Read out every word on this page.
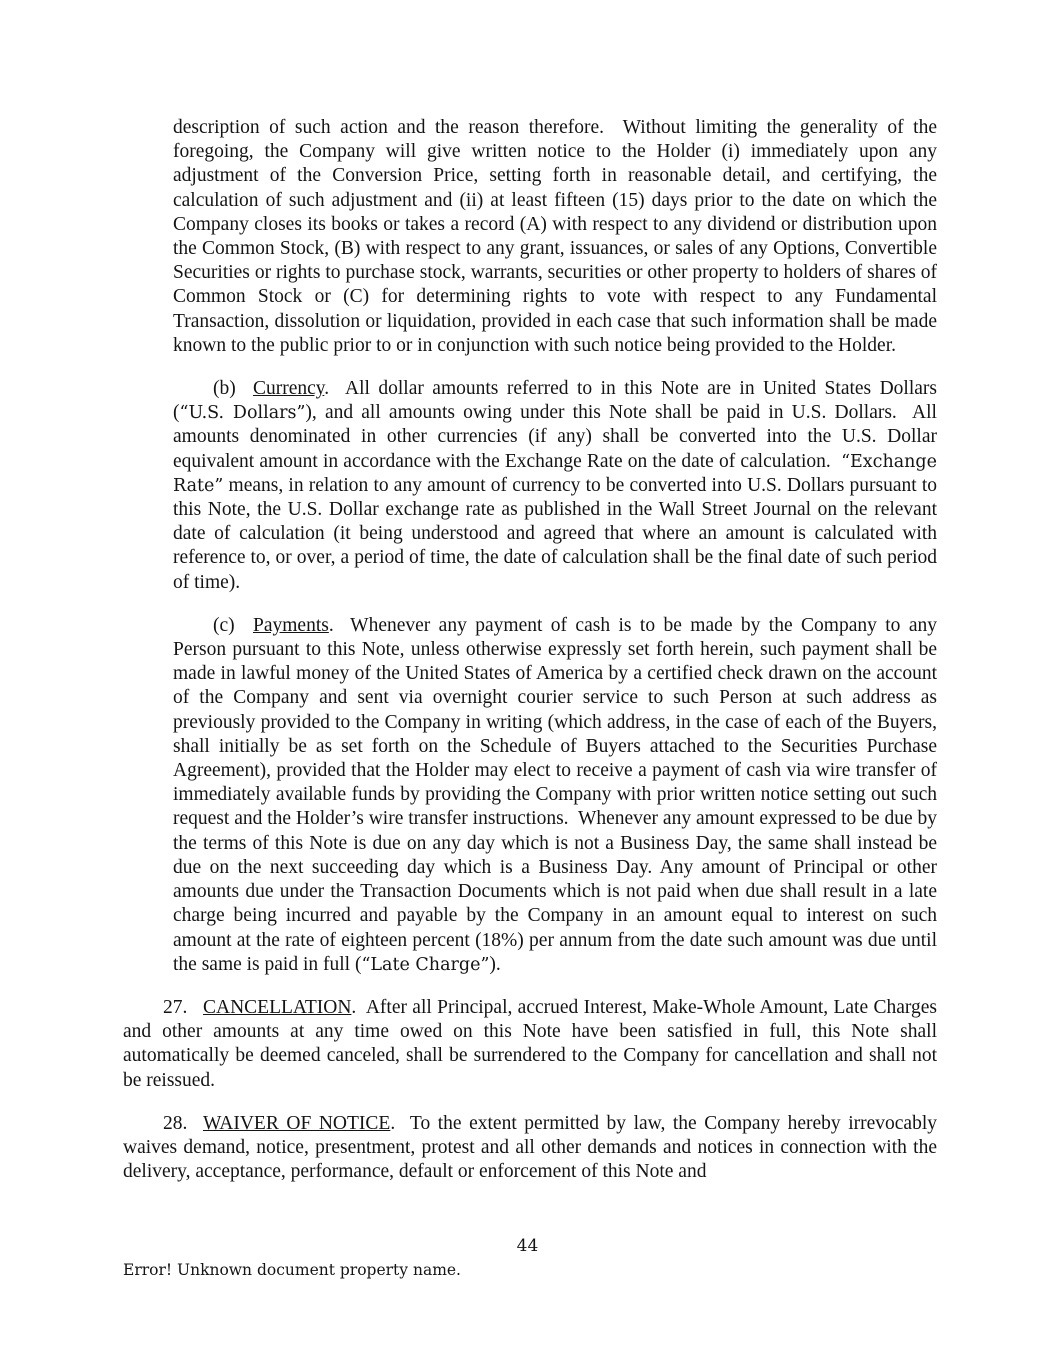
description of such action and the reason therefore.  Without limiting the generality of the foregoing, the Company will give written notice to the Holder (i) immediately upon any adjustment of the Conversion Price, setting forth in reasonable detail, and certifying, the calculation of such adjustment and (ii) at least fifteen (15) days prior to the date on which the Company closes its books or takes a record (A) with respect to any dividend or distribution upon the Common Stock, (B) with respect to any grant, issuances, or sales of any Options, Convertible Securities or rights to purchase stock, warrants, securities or other property to holders of shares of Common Stock or (C) for determining rights to vote with respect to any Fundamental Transaction, dissolution or liquidation, provided in each case that such information shall be made known to the public prior to or in conjunction with such notice being provided to the Holder.

(b) Currency.  All dollar amounts referred to in this Note are in United States Dollars (“U.S. Dollars”), and all amounts owing under this Note shall be paid in U.S. Dollars.  All amounts denominated in other currencies (if any) shall be converted into the U.S. Dollar equivalent amount in accordance with the Exchange Rate on the date of calculation.  “Exchange Rate” means, in relation to any amount of currency to be converted into U.S. Dollars pursuant to this Note, the U.S. Dollar exchange rate as published in the Wall Street Journal on the relevant date of calculation (it being understood and agreed that where an amount is calculated with reference to, or over, a period of time, the date of calculation shall be the final date of such period of time).

(c) Payments.  Whenever any payment of cash is to be made by the Company to any Person pursuant to this Note, unless otherwise expressly set forth herein, such payment shall be made in lawful money of the United States of America by a certified check drawn on the account of the Company and sent via overnight courier service to such Person at such address as previously provided to the Company in writing (which address, in the case of each of the Buyers, shall initially be as set forth on the Schedule of Buyers attached to the Securities Purchase Agreement), provided that the Holder may elect to receive a payment of cash via wire transfer of immediately available funds by providing the Company with prior written notice setting out such request and the Holder’s wire transfer instructions.  Whenever any amount expressed to be due by the terms of this Note is due on any day which is not a Business Day, the same shall instead be due on the next succeeding day which is a Business Day. Any amount of Principal or other amounts due under the Transaction Documents which is not paid when due shall result in a late charge being incurred and payable by the Company in an amount equal to interest on such amount at the rate of eighteen percent (18%) per annum from the date such amount was due until the same is paid in full (“Late Charge”).

27. CANCELLATION.  After all Principal, accrued Interest, Make-Whole Amount, Late Charges and other amounts at any time owed on this Note have been satisfied in full, this Note shall automatically be deemed canceled, shall be surrendered to the Company for cancellation and shall not be reissued.

28. WAIVER OF NOTICE.  To the extent permitted by law, the Company hereby irrevocably waives demand, notice, presentment, protest and all other demands and notices in connection with the delivery, acceptance, performance, default or enforcement of this Note and

44
Error! Unknown document property name.
